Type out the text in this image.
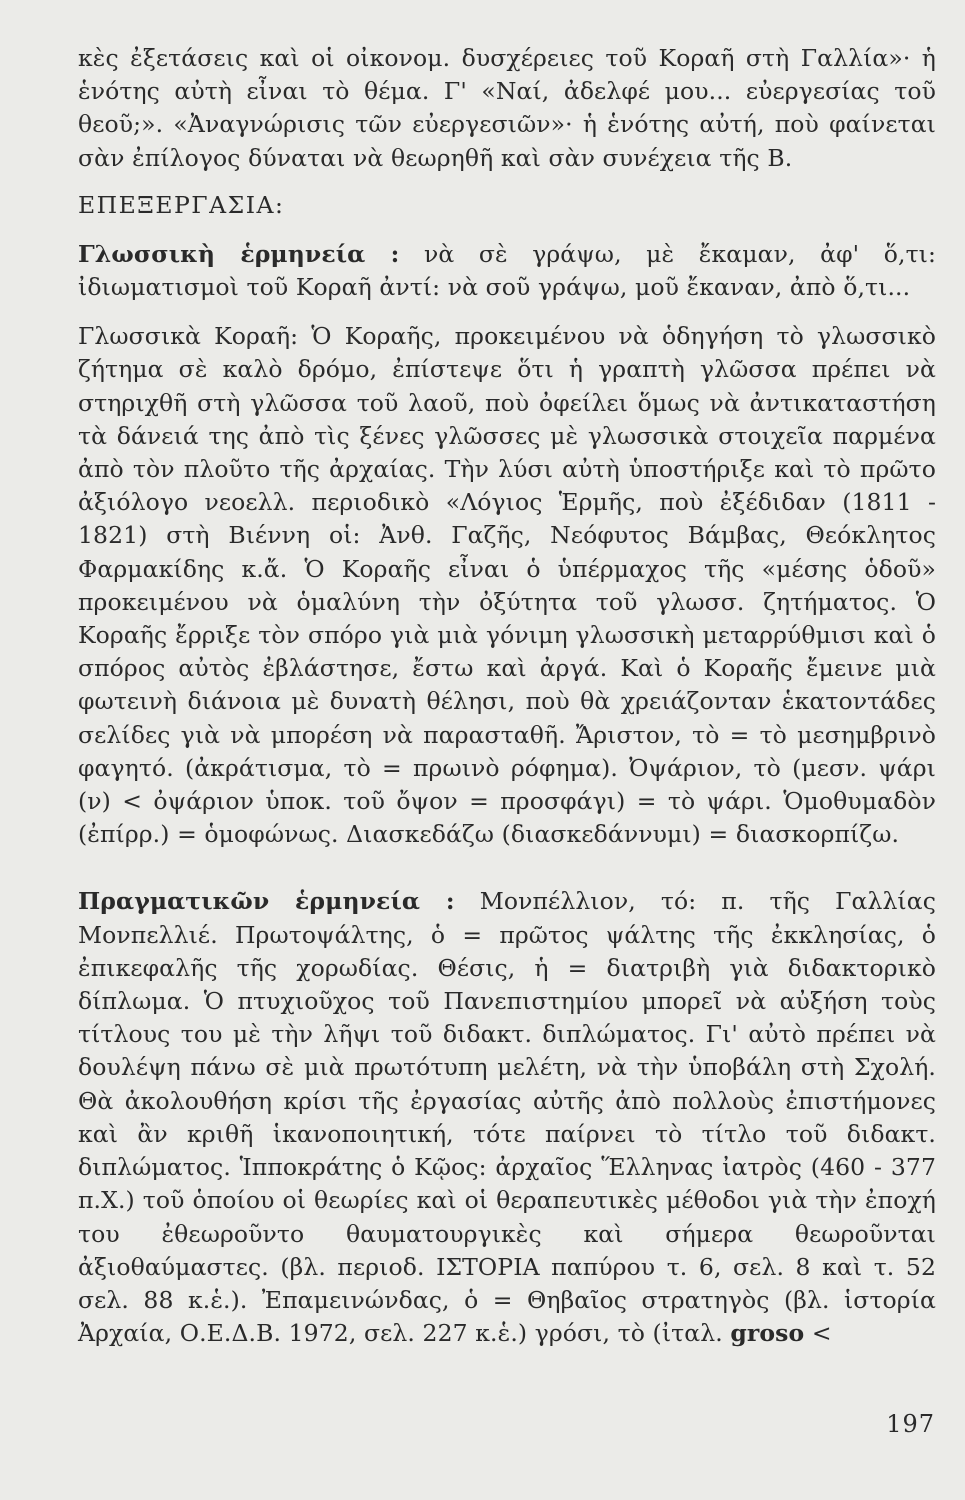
κὲς ἐξετάσεις καὶ οἱ οἰκονομ. δυσχέρειες τοῦ Κοραῆ στὴ Γαλλία»· ἡ ἑνότης αὐτὴ εἶναι τὸ θέμα. Γ' «Ναί, ἀδελφέ μου... εὐεργεσίας τοῦ θεοῦ;». «Ἀναγνώρισις τῶν εὐεργεσιῶν»· ἡ ἑνότης αὐτή, ποὺ φαίνεται σὰν ἐπίλογος δύναται νὰ θεωρηθῆ καὶ σὰν συνέχεια τῆς Β.

ΕΠΕΞΕΡΓΑΣΙΑ:

Γλωσσικὴ ἑρμηνεία : νὰ σὲ γράψω, μὲ ἔκαμαν, ἀφ' ὅ,τι: ἰδιωματισμοὶ τοῦ Κοραῆ ἀντί: νὰ σοῦ γράψω, μοῦ ἔκαναν, ἀπὸ ὅ,τι...

Γλωσσικὰ Κοραῆ: Ὁ Κοραῆς, προκειμένου νὰ ὁδηγήση τὸ γλωσσικὸ ζήτημα σὲ καλὸ δρόμο, ἐπίστεψε ὅτι ἡ γραπτὴ γλῶσσα πρέπει νὰ στηριχθῆ στὴ γλῶσσα τοῦ λαοῦ, ποὺ ὀφείλει ὅμως νὰ ἀντικαταστήση τὰ δάνειά της ἀπὸ τὶς ξένες γλῶσσες μὲ γλωσσικὰ στοιχεῖα παρμένα ἀπὸ τὸν πλοῦτο τῆς ἀρχαίας. Τὴν λύσι αὐτὴ ὑποστήριξε καὶ τὸ πρῶτο ἀξιόλογο νεοελλ. περιοδικὸ «Λόγιος Ἑρμῆς, ποὺ ἐξέδιδαν (1811 - 1821) στὴ Βιέννη οἱ: Ἀνθ. Γαζῆς, Νεόφυτος Βάμβας, Θεόκλητος Φαρμακίδης κ.ἄ. Ὁ Κοραῆς εἶναι ὁ ὑπέρμαχος τῆς «μέσης ὁδοῦ» προκειμένου νὰ ὁμαλύνη τὴν ὀξύτητα τοῦ γλωσσ. ζητήματος. Ὁ Κοραῆς ἔρριξε τὸν σπόρο γιὰ μιὰ γόνιμη γλωσσικὴ μεταρρύθμισι καὶ ὁ σπόρος αὐτὸς ἐβλάστησε, ἔστω καὶ ἀργά. Καὶ ὁ Κοραῆς ἔμεινε μιὰ φωτεινὴ διάνοια μὲ δυνατὴ θέλησι, ποὺ θὰ χρειάζονταν ἑκατοντάδες σελίδες γιὰ νὰ μπορέση νὰ παρασταθῆ. Ἄριστον, τὸ = τὸ μεσημβρινὸ φαγητό. (ἀκράτισμα, τὸ = πρωινὸ ρόφημα). Ὀψάριον, τὸ (μεσν. ψάρι (ν) < ὀψάριον ὑποκ. τοῦ ὄψον = προσφάγι) = τὸ ψάρι. Ὁμοθυμαδὸν (ἐπίρρ.) = ὁμοφώνως. Διασκεδάζω (διασκεδάννυμι) = διασκορπίζω.

Πραγματικῶν ἑρμηνεία : Μονπέλλιον, τό: π. τῆς Γαλλίας Μονπελλιέ. Πρωτοψάλτης, ὁ = πρῶτος ψάλτης τῆς ἐκκλησίας, ὁ ἐπικεφαλῆς τῆς χορωδίας. Θέσις, ἡ = διατριβὴ γιὰ διδακτορικὸ δίπλωμα. Ὁ πτυχιοῦχος τοῦ Πανεπιστημίου μπορεῖ νὰ αὐξήση τοὺς τίτλους του μὲ τὴν λῆψι τοῦ διδακτ. διπλώματος. Γι' αὐτὸ πρέπει νὰ δουλέψη πάνω σὲ μιὰ πρωτότυπη μελέτη, νὰ τὴν ὑποβάλη στὴ Σχολή. Θὰ ἀκολουθήση κρίσι τῆς ἐργασίας αὐτῆς ἀπὸ πολλοὺς ἐπιστήμονες καὶ ἂν κριθῆ ἱκανοποιητική, τότε παίρνει τὸ τίτλο τοῦ διδακτ. διπλώματος. Ἱπποκράτης ὁ Κῷος: ἀρχαῖος Ἕλληνας ἰατρὸς (460 - 377 π.Χ.) τοῦ ὁποίου οἱ θεωρίες καὶ οἱ θεραπευτικὲς μέθοδοι γιὰ τὴν ἐποχή του ἐθεωροῦντο θαυματουργικὲς καὶ σήμερα θεωροῦνται ἀξιοθαύμαστες. (βλ. περιοδ. ΙΣΤΟΡΙΑ παπύρου τ. 6, σελ. 8 καὶ τ. 52 σελ. 88 κ.ἑ.). Ἐπαμεινώνδας, ὁ = Θηβαῖος στρατηγὸς (βλ. ἱστορία Ἀρχαία, Ο.Ε.Δ.Β. 1972, σελ. 227 κ.ἑ.) γρόσι, τὸ (ἰταλ. groso <

197
